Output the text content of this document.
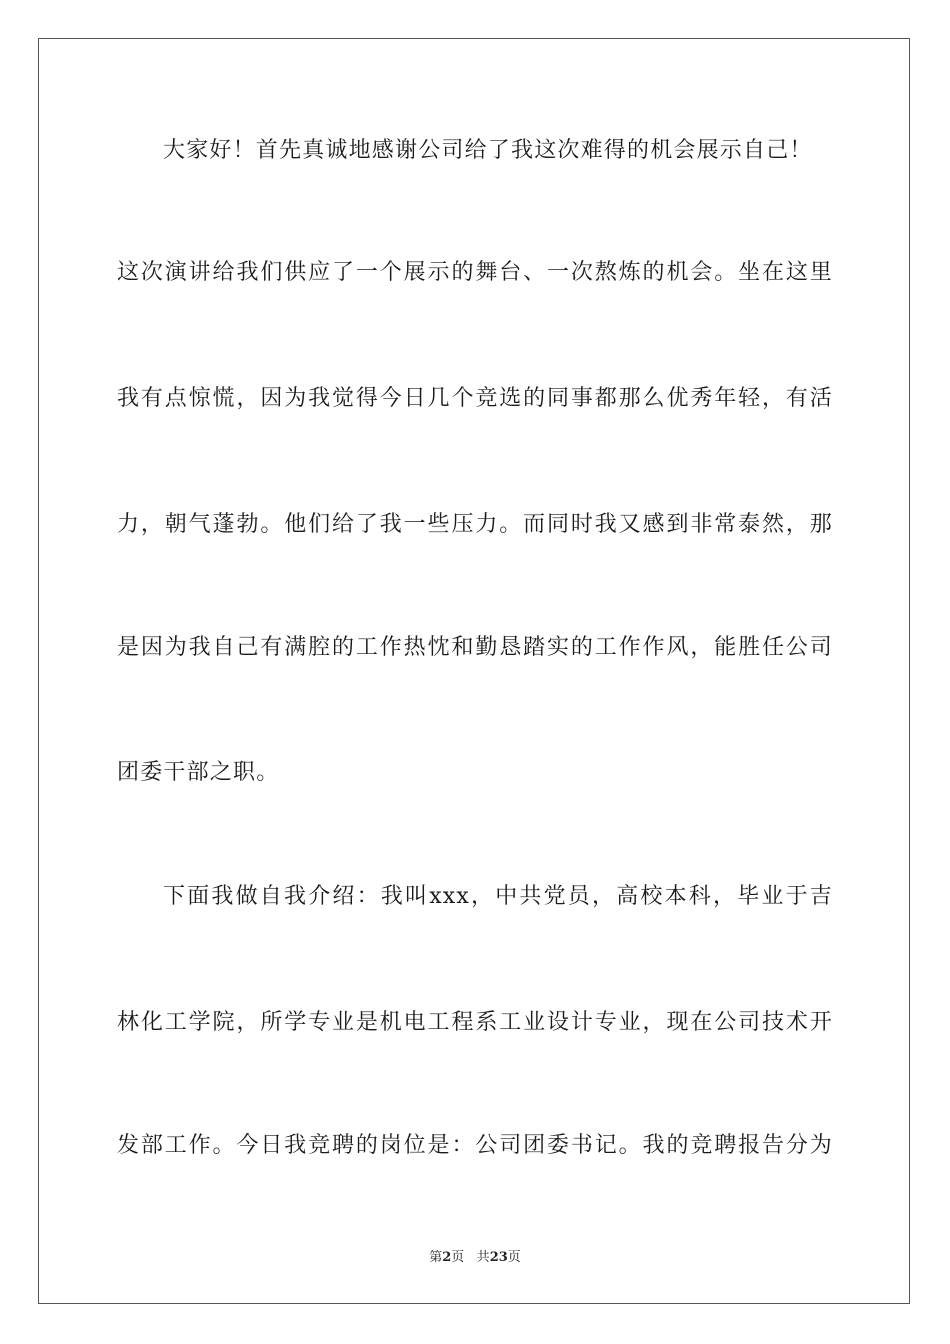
大家好！首先真诚地感谢公司给了我这次难得的机会展示自己！
这次演讲给我们供应了一个展示的舞台、一次熬炼的机会。坐在这里
我有点惊慌，因为我觉得今日几个竞选的同事都那么优秀年轻，有活
力，朝气蓬勃。他们给了我一些压力。而同时我又感到非常泰然，那
是因为我自己有满腔的工作热忱和勤恳踏实的工作作风，能胜任公司
团委干部之职。
下面我做自我介绍：我叫xxx，中共党员，高校本科，毕业于吉
林化工学院，所学专业是机电工程系工业设计专业，现在公司技术开
发部工作。今日我竞聘的岗位是：公司团委书记。我的竞聘报告分为
第2页 共23页
